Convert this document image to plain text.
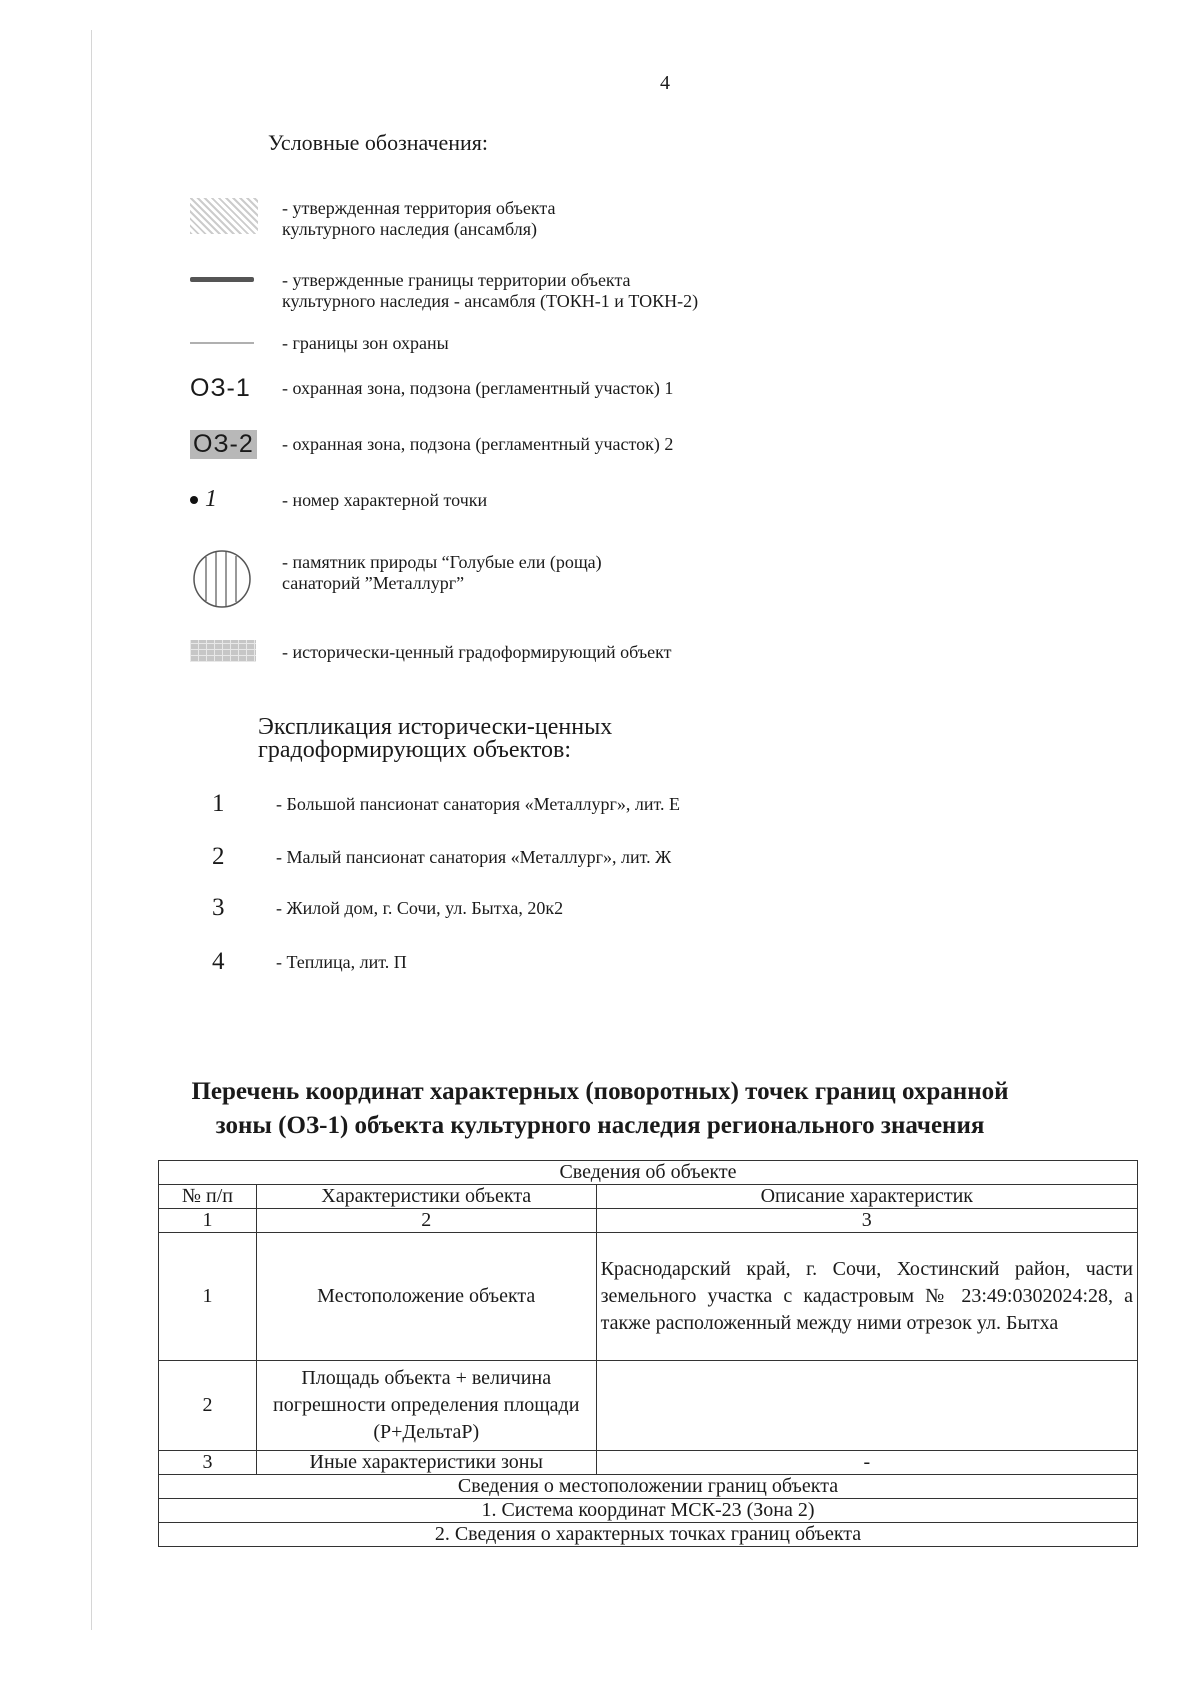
4
Условные обозначения:
- утвержденная территория объекта
культурного наследия (ансамбля)
- утвержденные границы территории объекта
культурного наследия - ансамбля (ТОКН-1 и ТОКН-2)
- границы зон охраны
ОЗ-1 - охранная зона, подзона (регламентный участок) 1
ОЗ-2 - охранная зона, подзона (регламентный участок) 2
1	- номер характерной точки
- памятник природы “Голубые ели (роща)
санаторий ”Металлург”
- исторически-ценный градоформирующий объект
Экспликация исторически-ценных
градоформирующих объектов:
1	- Большой пансионат санатория «Металлург», лит. Е
2	- Малый пансионат санатория «Металлург», лит. Ж
3	- Жилой дом, г. Сочи, ул. Бытха, 20к2
4	- Теплица, лит. П
Перечень координат характерных (поворотных) точек границ охранной
зоны (ОЗ-1) объекта культурного наследия регионального значения
Сведения об объекте		
№ п/п	Характеристики объекта	Описание характеристик
1	2	3
1	Местоположение объекта	Краснодарский край, г. Сочи, Хостинский район, части земельного участка с кадастровым № 23:49:0302024:28, а также расположенный между ними отрезок ул. Бытха
2	Площадь объекта + величина погрешности определения площади (Р+ДельтаР)	
3	Иные характеристики зоны	-
Сведения о местоположении границ объекта		
1. Система координат МСК-23 (Зона 2)		
2. Сведения о характерных точках границ объекта		
